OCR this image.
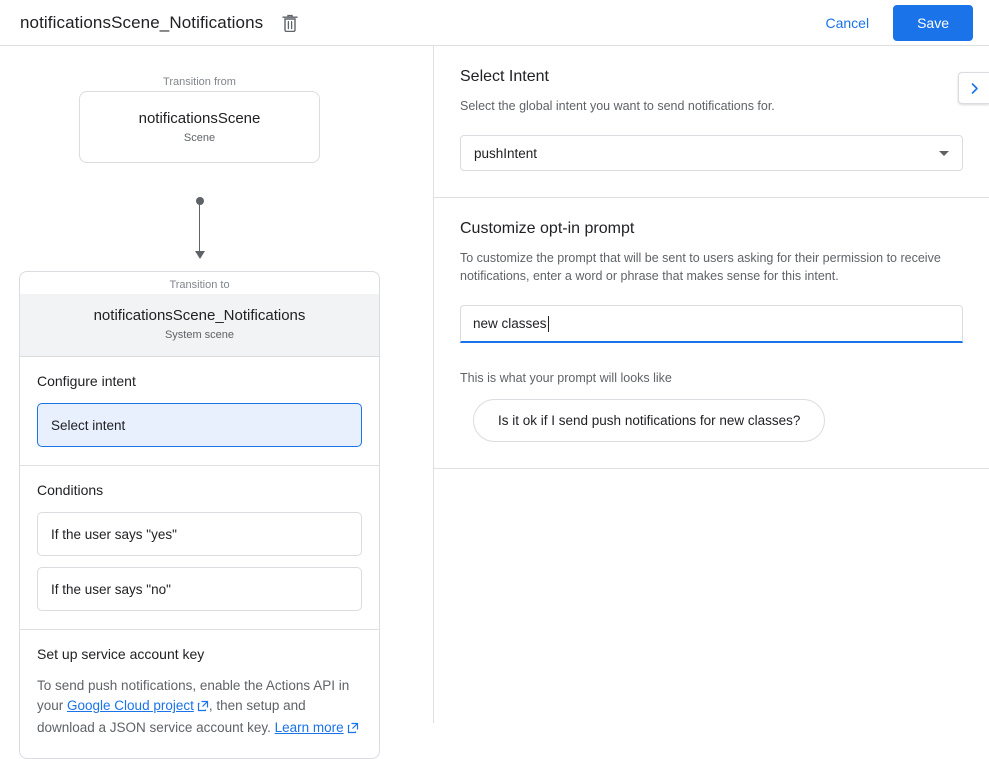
notificationsScene_Notifications	Cancel	Save
Transition from
notificationsScene
Scene
Transition to
notificationsScene_Notifications
System scene
Configure intent
Select intent
Conditions
If the user says "yes"
If the user says "no"
Set up service account key
To send push notifications, enable the Actions API in your Google Cloud project , then setup and download a JSON service account key. Learn more
Select Intent

Select the global intent you want to send notifications for.

pushIntent
Customize opt-in prompt

To customize the prompt that will be sent to users asking for their permission to receive notifications, enter a word or phrase that makes sense for this intent.

new classes
This is what your prompt will looks like
Is it ok if I send push notifications for new classes?
